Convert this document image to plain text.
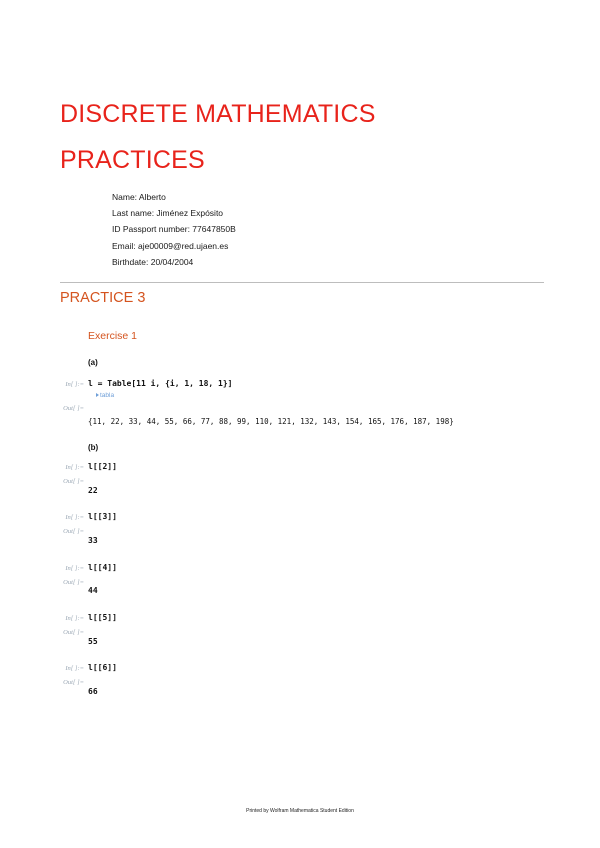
DISCRETE MATHEMATICS
PRACTICES
Name: Alberto
Last name: Jiménez Expósito
ID Passport number: 77647850B
Email: aje00009@red.ujaen.es
Birthdate: 20/04/2004
PRACTICE 3
Exercise 1
(a)
In[ ]:= l = Table[11 i, {i, 1, 18, 1}]
tabla
Out[ ]=
{11, 22, 33, 44, 55, 66, 77, 88, 99, 110, 121, 132, 143, 154, 165, 176, 187, 198}
(b)
In[ ]:= l[[2]]
Out[ ]=
22
In[ ]:= l[[3]]
Out[ ]=
33
In[ ]:= l[[4]]
Out[ ]=
44
In[ ]:= l[[5]]
Out[ ]=
55
In[ ]:= l[[6]]
Out[ ]=
66
Printed by Wolfram Mathematica Student Edition
